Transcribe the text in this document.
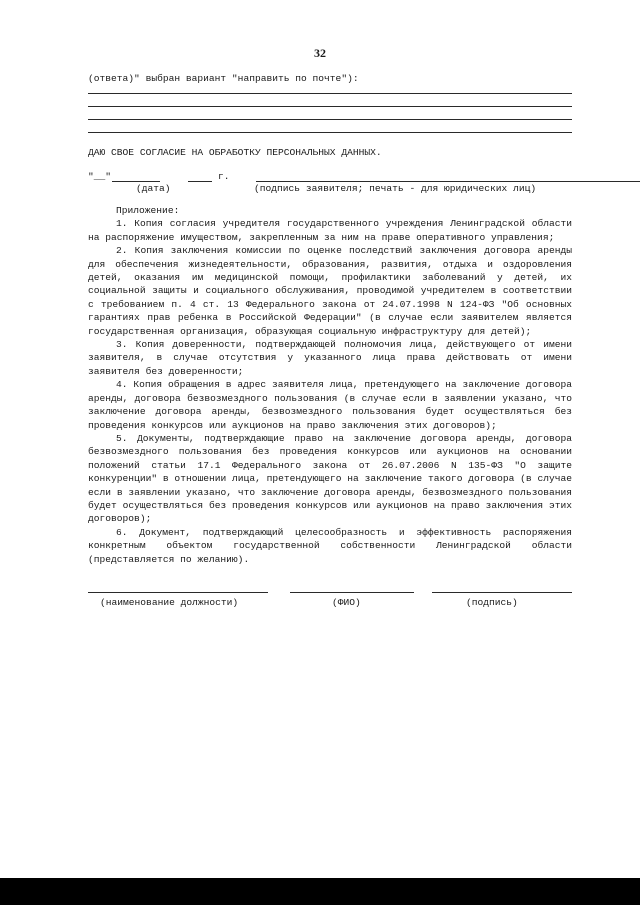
32
(ответа)" выбран вариант "направить по почте"):
ДАЮ СВОЕ СОГЛАСИЕ НА ОБРАБОТКУ ПЕРСОНАЛЬНЫХ ДАННЫХ.
"__"	г.
(дата)	(подпись заявителя; печать - для юридических лиц)
Приложение:

1. Копия согласия учредителя государственного учреждения Ленинградской области на распоряжение имуществом, закрепленным за ним на праве оперативного управления;

2. Копия заключения комиссии по оценке последствий заключения договора аренды для обеспечения жизнедеятельности, образования, развития, отдыха и оздоровления детей, оказания им медицинской помощи, профилактики заболеваний у детей, их социальной защиты и социального обслуживания, проводимой учредителем в соответствии с требованием п. 4 ст. 13 Федерального закона от 24.07.1998 N 124-ФЗ "Об основных гарантиях прав ребенка в Российской Федерации" (в случае если заявителем является государственная организация, образующая социальную инфраструктуру для детей);

3. Копия доверенности, подтверждающей полномочия лица, действующего от имени заявителя, в случае отсутствия у указанного лица права действовать от имени заявителя без доверенности;

4. Копия обращения в адрес заявителя лица, претендующего на заключение договора аренды, договора безвозмездного пользования (в случае если в заявлении указано, что заключение договора аренды, безвозмездного пользования будет осуществляться без проведения конкурсов или аукционов на право заключения этих договоров);

5. Документы, подтверждающие право на заключение договора аренды, договора безвозмездного пользования без проведения конкурсов или аукционов на основании положений статьи 17.1 Федерального закона от 26.07.2006 N 135-ФЗ "О защите конкуренции" в отношении лица, претендующего на заключение такого договора (в случае если в заявлении указано, что заключение договора аренды, безвозмездного пользования будет осуществляться без проведения конкурсов или аукционов на право заключения этих договоров);

6. Документ, подтверждающий целесообразность и эффективность распоряжения конкретным объектом государственной собственности Ленинградской области (представляется по желанию).

(наименование должности)	(ФИО)	(подпись)
